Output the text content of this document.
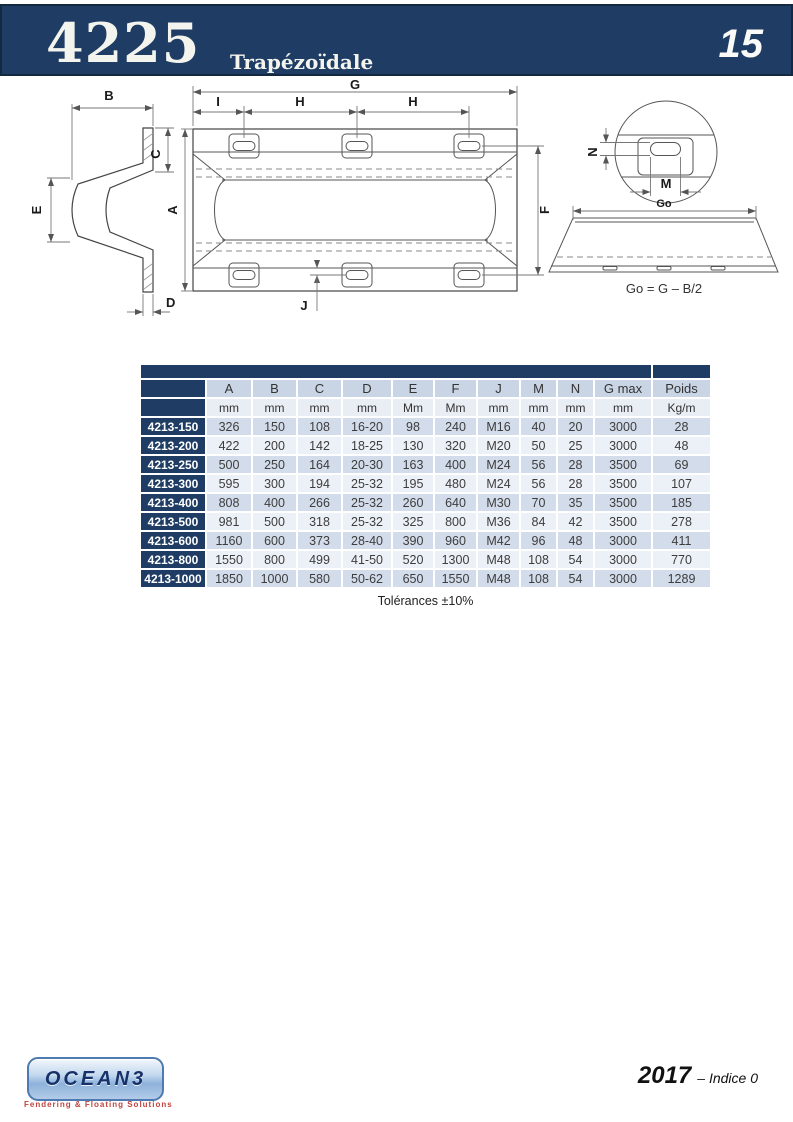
4225 Trapézoïdale	15
B
C
E
D
G
I	H	H
A	F
J
N
M
Go
Go = G – B/2

	A	B	C	D	E	F	J	M	N	G max	Poids
	mm	mm	mm	mm	Mm	Mm	mm	mm	mm	mm	Kg/m
4213-150	326	150	108	16-20	98	240	M16	40	20	3000	28
4213-200	422	200	142	18-25	130	320	M20	50	25	3000	48
4213-250	500	250	164	20-30	163	400	M24	56	28	3500	69
4213-300	595	300	194	25-32	195	480	M24	56	28	3500	107
4213-400	808	400	266	25-32	260	640	M30	70	35	3500	185
4213-500	981	500	318	25-32	325	800	M36	84	42	3500	278
4213-600	1160	600	373	28-40	390	960	M42	96	48	3000	411
4213-800	1550	800	499	41-50	520	1300	M48	108	54	3000	770
4213-1000	1850	1000	580	50-62	650	1550	M48	108	54	3000	1289
Tolérances ±10%
OCEAN3
Fendering & Floating Solutions
2017 – Indice 0
